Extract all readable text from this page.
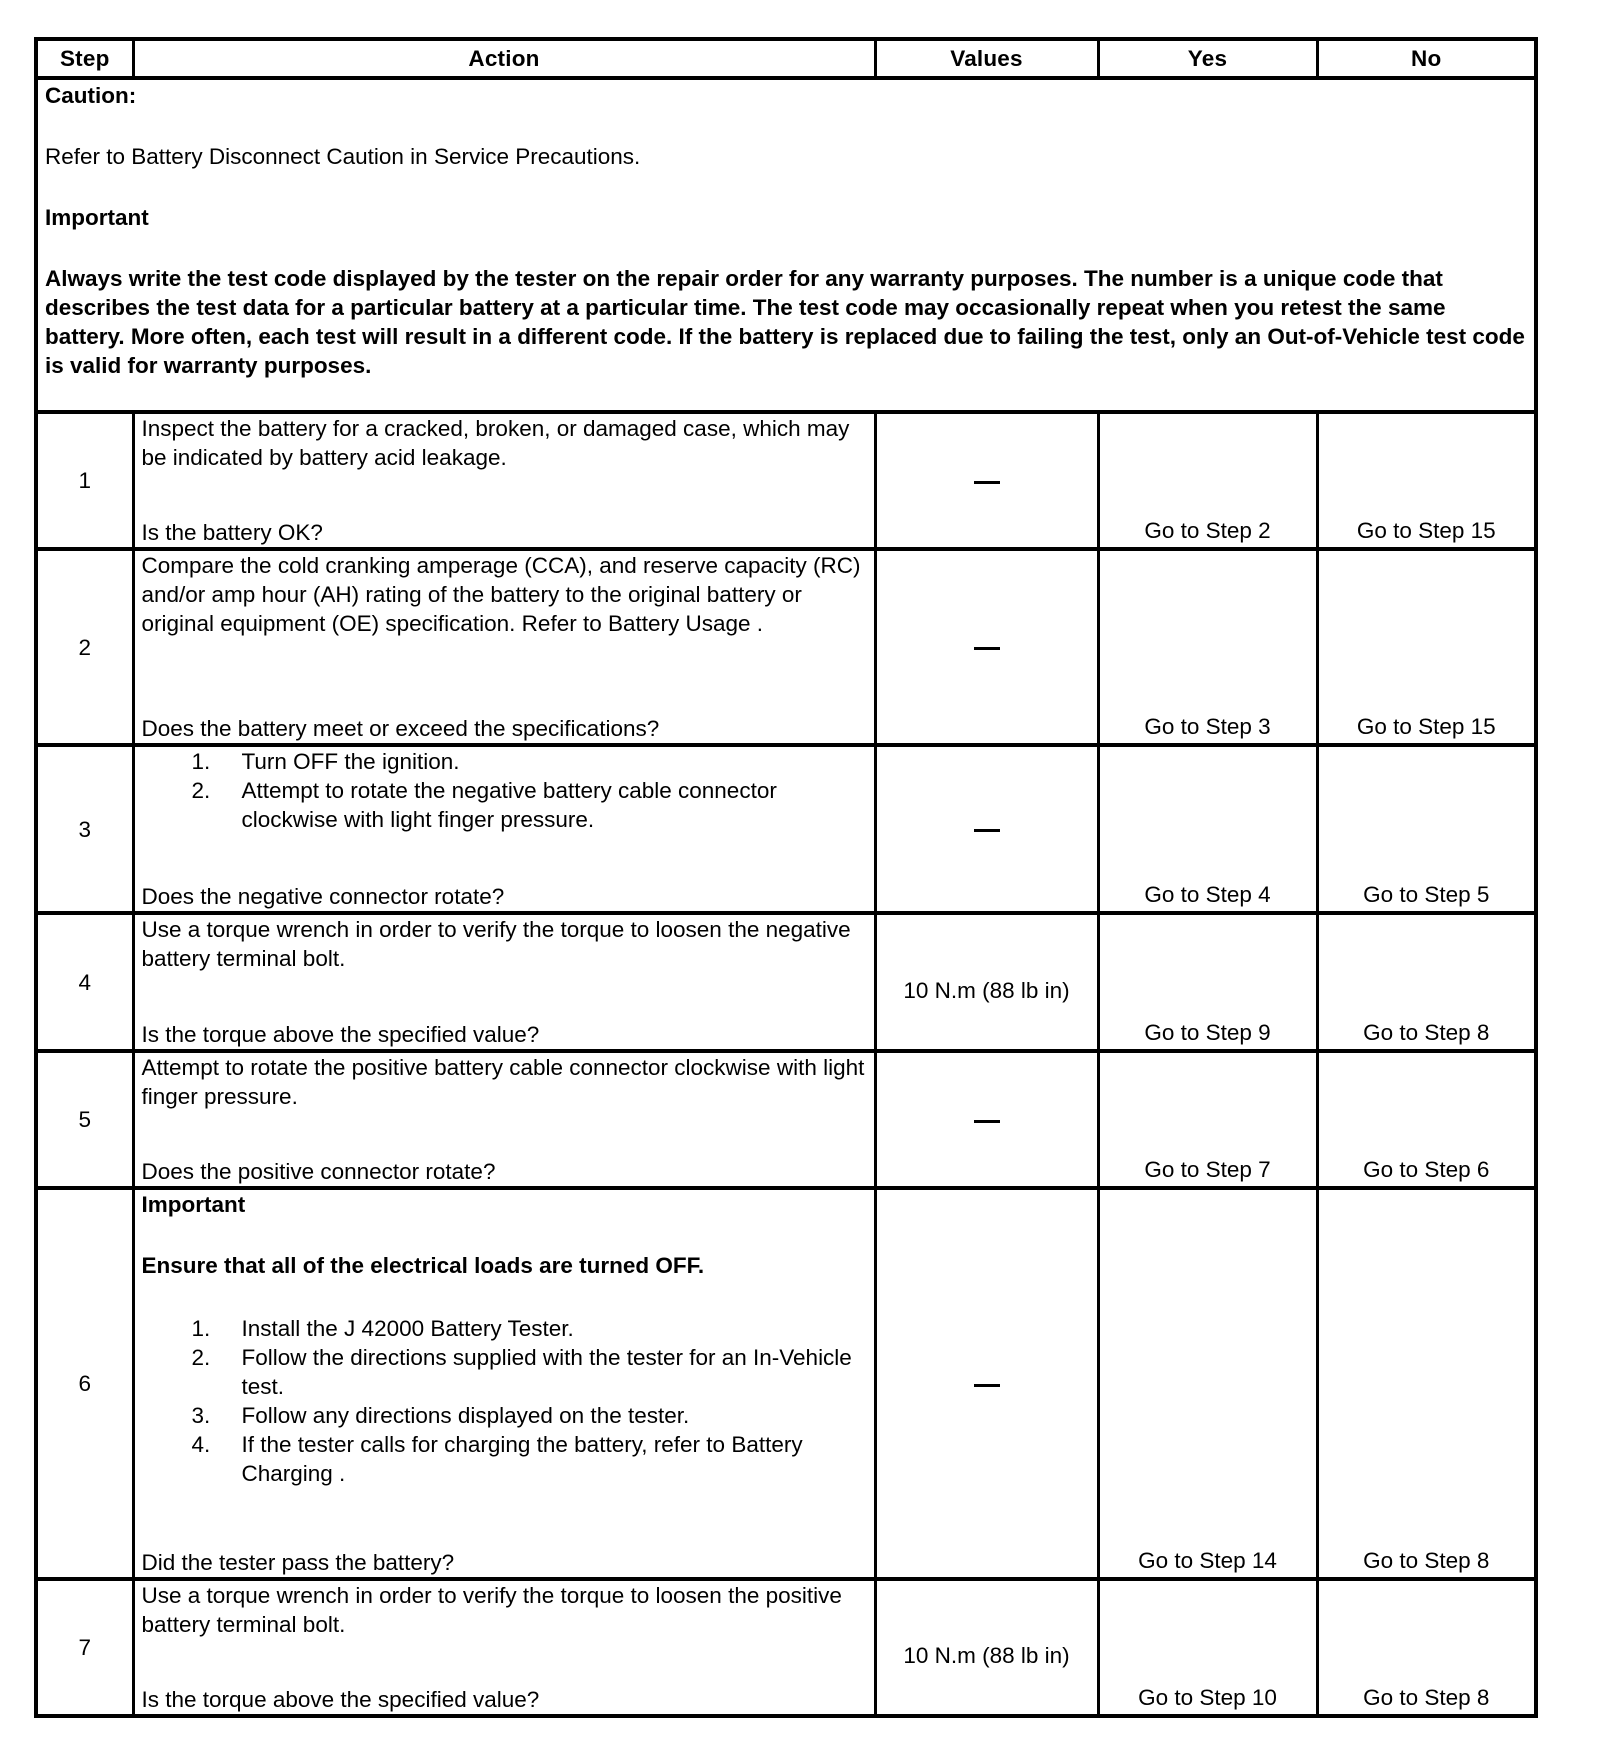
Step	Action	Values	Yes	No

Caution:

Refer to Battery Disconnect Caution in Service Precautions.

Important

Always write the test code displayed by the tester on the repair order for any warranty purposes. The number is a unique code that describes the test data for a particular battery at a particular time. The test code may occasionally repeat when you retest the same battery. More often, each test will result in a different code. If the battery is replaced due to failing the test, only an Out-of-Vehicle test code is valid for warranty purposes.				

1	Inspect the battery for a cracked, broken, or damaged case, which may be indicated by battery acid leakage.
Is the battery OK?		Go to Step 2	Go to Step 15
2	Compare the cold cranking amperage (CCA), and reserve capacity (RC) and/or amp hour (AH) rating of the battery to the original battery or original equipment (OE) specification. Refer to Battery Usage .
Does the battery meet or exceed the specifications?		Go to Step 3	Go to Step 15
3	
1.	Turn OFF the ignition.
2.	Attempt to rotate the negative battery cable connector clockwise with light finger pressure.
Does the negative connector rotate?		Go to Step 4	Go to Step 5
4	Use a torque wrench in order to verify the torque to loosen the negative battery terminal bolt.
Is the torque above the specified value?	10 N.m (88 lb in)	Go to Step 9	Go to Step 8
5	Attempt to rotate the positive battery cable connector clockwise with light finger pressure.
Does the positive connector rotate?		Go to Step 7	Go to Step 6
6	
Important
Ensure that all of the electrical loads are turned OFF.
1.	Install the J 42000 Battery Tester.
2.	Follow the directions supplied with the tester for an In-Vehicle test.
3.	Follow any directions displayed on the tester.
4.	If the tester calls for charging the battery, refer to Battery Charging .
Did the tester pass the battery?		Go to Step 14	Go to Step 8
7	Use a torque wrench in order to verify the torque to loosen the positive battery terminal bolt.
Is the torque above the specified value?	10 N.m (88 lb in)	Go to Step 10	Go to Step 8
